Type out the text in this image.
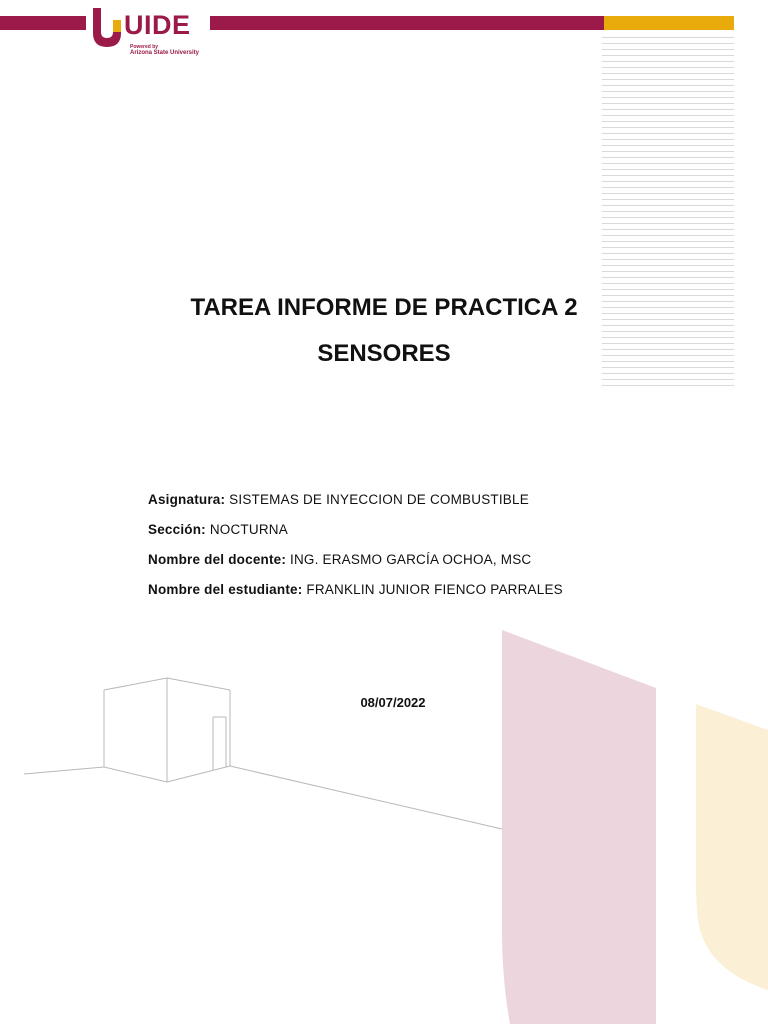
UIDE
Powered by
Arizona State University
TAREA INFORME DE PRACTICA 2
SENSORES
Asignatura: SISTEMAS DE INYECCION DE COMBUSTIBLE
Sección: NOCTURNA
Nombre del docente: ING. ERASMO GARCÍA OCHOA, MSC
Nombre del estudiante: FRANKLIN JUNIOR FIENCO PARRALES
08/07/2022
